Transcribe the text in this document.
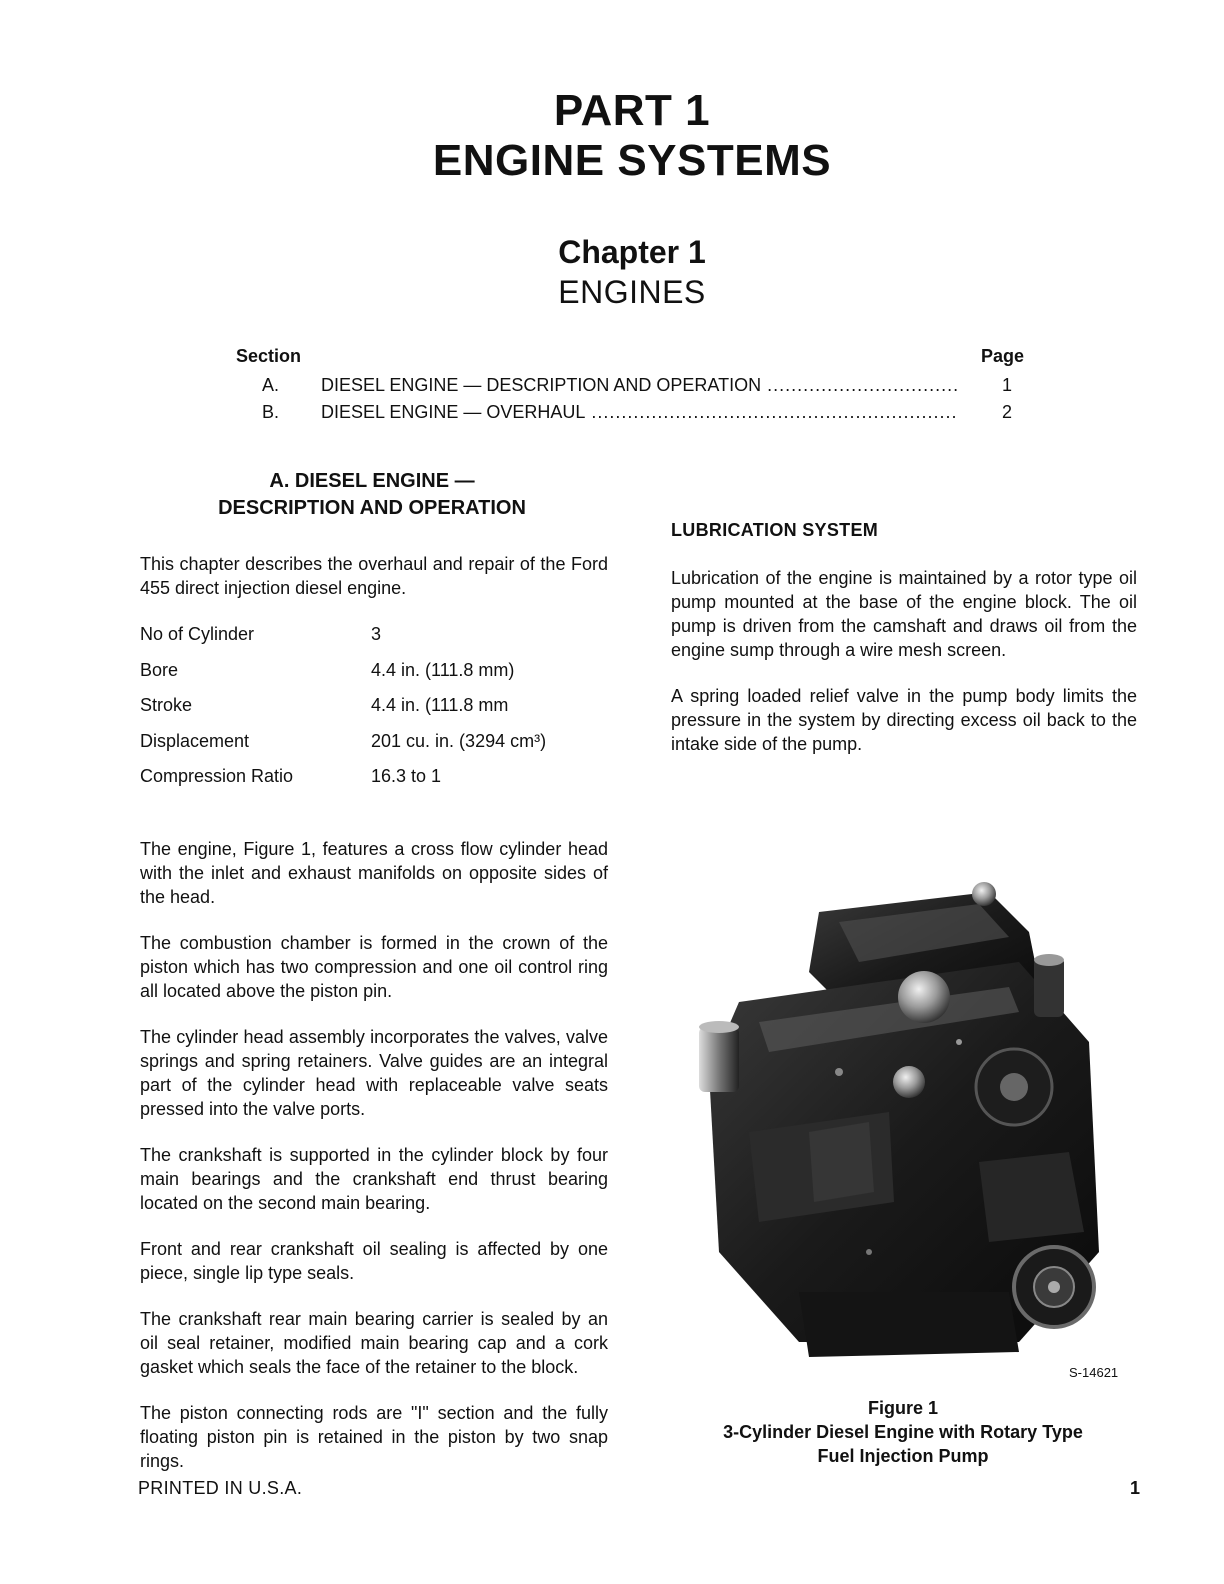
PART 1
ENGINE SYSTEMS
Chapter 1
ENGINES
Section	Page
A. DIESEL ENGINE — DESCRIPTION AND OPERATION .....	1
B. DIESEL ENGINE — OVERHAUL .....	2
A. DIESEL ENGINE —
DESCRIPTION AND OPERATION

This chapter describes the overhaul and repair of the Ford 455 direct injection diesel engine.

No of Cylinder	3
Bore	4.4 in. (111.8 mm)
Stroke	4.4 in. (111.8 mm
Displacement	201 cu. in. (3294 cm³)
Compression Ratio	16.3 to 1

The engine, Figure 1, features a cross flow cylinder head with the inlet and exhaust manifolds on opposite sides of the head.

The combustion chamber is formed in the crown of the piston which has two compression and one oil control ring all located above the piston pin.

The cylinder head assembly incorporates the valves, valve springs and spring retainers. Valve guides are an integral part of the cylinder head with replaceable valve seats pressed into the valve ports.

The crankshaft is supported in the cylinder block by four main bearings and the crankshaft end thrust bearing located on the second main bearing.

Front and rear crankshaft oil sealing is affected by one piece, single lip type seals.

The crankshaft rear main bearing carrier is sealed by an oil seal retainer, modified main bearing cap and a cork gasket which seals the face of the retainer to the block.

The piston connecting rods are "I" section and the fully floating piston pin is retained in the piston by two snap rings.

LUBRICATION SYSTEM

Lubrication of the engine is maintained by a rotor type oil pump mounted at the base of the engine block. The oil pump is driven from the camshaft and draws oil from the engine sump through a wire mesh screen.

A spring loaded relief valve in the pump body limits the pressure in the system by directing excess oil back to the intake side of the pump.

S-14621
Figure 1
3-Cylinder Diesel Engine with Rotary Type
Fuel Injection Pump
PRINTED IN U.S.A.	1
